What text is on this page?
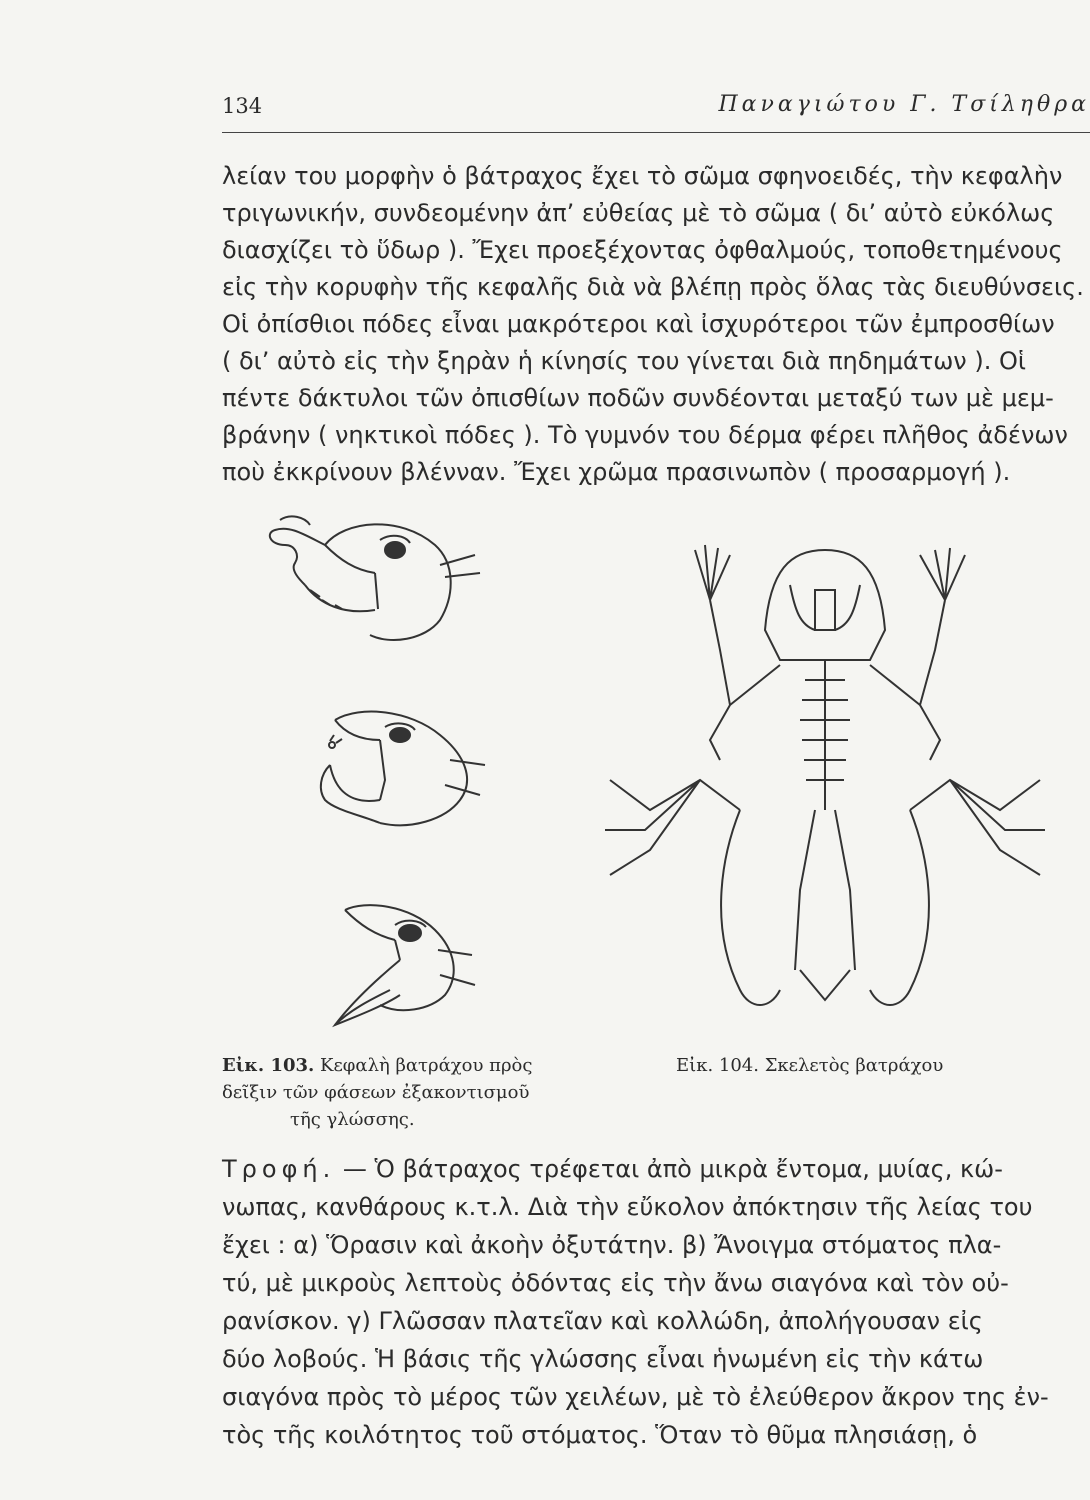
134	Παναγιώτου Γ. Τσίληθρα
λείαν του μορφὴν ὁ βάτραχος ἔχει τὸ σῶμα σφηνοειδές, τὴν κεφαλὴν
τριγωνικήν, συνδεομένην ἀπ’ εὐθείας μὲ τὸ σῶμα ( δι’ αὐτὸ εὐκόλως
διασχίζει τὸ ὕδωρ ). Ἔχει προεξέχοντας ὀφθαλμούς, τοποθετημένους
εἰς τὴν κορυφὴν τῆς κεφαλῆς διὰ νὰ βλέπῃ πρὸς ὅλας τὰς διευθύνσεις.
Οἱ ὀπίσθιοι πόδες εἶναι μακρότεροι καὶ ἰσχυρότεροι τῶν ἐμπροσθίων
( δι’ αὐτὸ εἰς τὴν ξηρὰν ἡ κίνησίς του γίνεται διὰ πηδημάτων ). Οἱ
πέντε δάκτυλοι τῶν ὀπισθίων ποδῶν συνδέονται μεταξύ των μὲ μεμ-
βράνην ( νηκτικοὶ πόδες ). Τὸ γυμνόν του δέρμα φέρει πλῆθος ἀδένων
ποὺ ἐκκρίνουν βλένναν. Ἔχει χρῶμα πρασινωπὸν ( προσαρμογή ).
Εἰκ. 103. Κεφαλὴ βατράχου πρὸς
δεῖξιν τῶν φάσεων ἐξακοντισμοῦ
τῆς γλώσσης.
Εἰκ. 104. Σκελετὸς βατράχου
Τροφή. — Ὁ βάτραχος τρέφεται ἀπὸ μικρὰ ἔντομα, μυίας, κώ-
νωπας, κανθάρους κ.τ.λ. Διὰ τὴν εὔκολον ἀπόκτησιν τῆς λείας του
ἔχει : α) Ὅρασιν καὶ ἀκοὴν ὀξυτάτην. β) Ἄνοιγμα στόματος πλα-
τύ, μὲ μικροὺς λεπτοὺς ὀδόντας εἰς τὴν ἄνω σιαγόνα καὶ τὸν οὐ-
ρανίσκον. γ) Γλῶσσαν πλατεῖαν καὶ κολλώδη, ἀπολήγουσαν εἰς
δύο λοβούς. Ἡ βάσις τῆς γλώσσης εἶναι ἡνωμένη εἰς τὴν κάτω
σιαγόνα πρὸς τὸ μέρος τῶν χειλέων, μὲ τὸ ἐλεύθερον ἄκρον της ἐν-
τὸς τῆς κοιλότητος τοῦ στόματος. Ὅταν τὸ θῦμα πλησιάσῃ, ὁ
